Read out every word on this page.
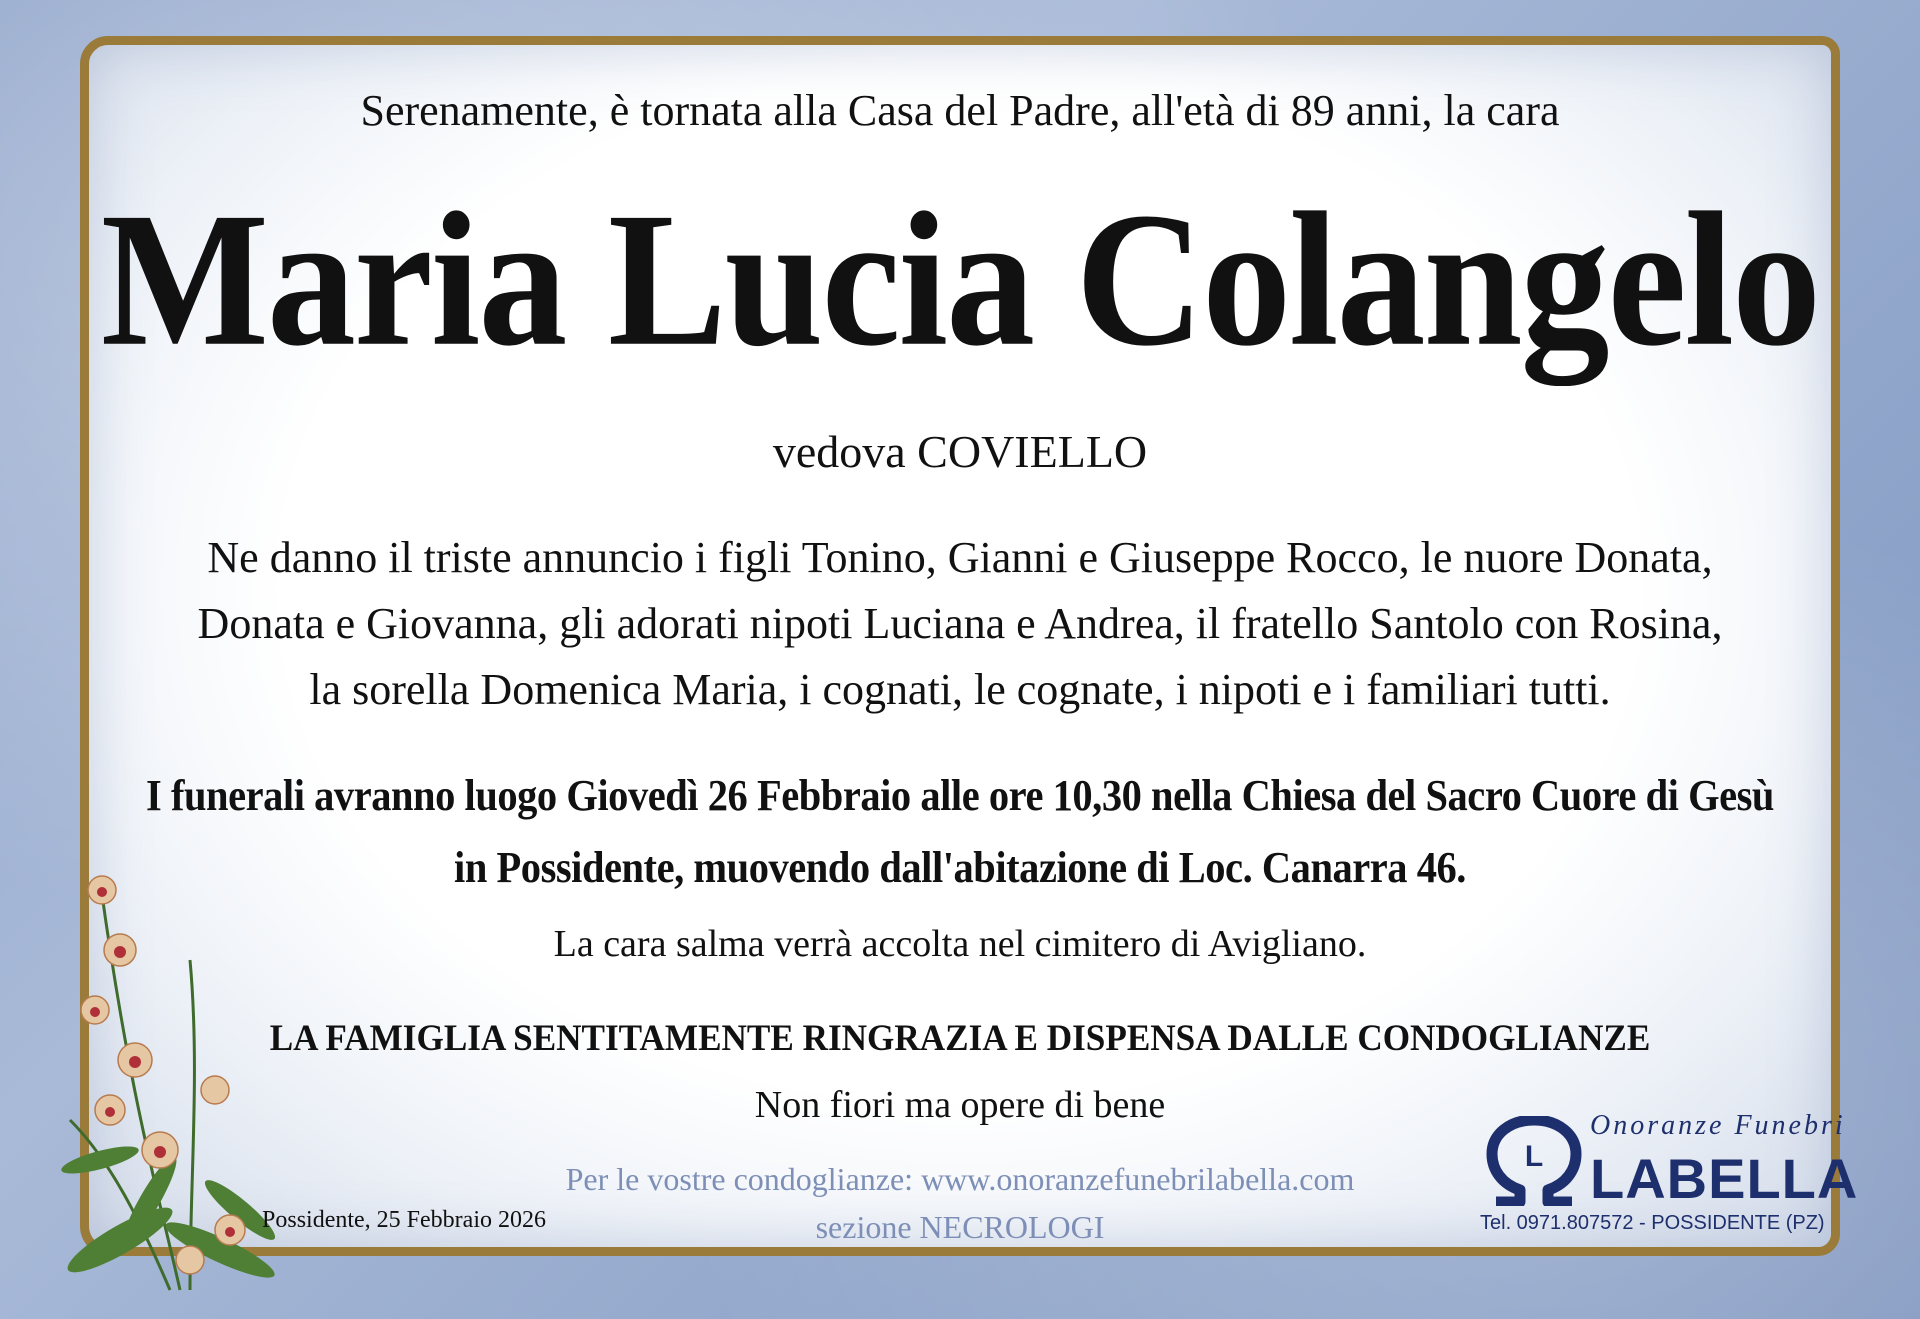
Serenamente, è tornata alla Casa del Padre, all'età di 89 anni, la cara
Maria Lucia Colangelo
vedova COVIELLO
Ne danno il triste annuncio i figli Tonino, Gianni e Giuseppe Rocco, le nuore Donata,
Donata e Giovanna, gli adorati nipoti Luciana e Andrea, il fratello Santolo con Rosina,
la sorella Domenica Maria, i cognati, le cognate, i nipoti e i familiari tutti.
I funerali avranno luogo Giovedì 26 Febbraio alle ore 10,30 nella Chiesa del Sacro Cuore di Gesù
in Possidente, muovendo dall'abitazione di Loc. Canarra 46.
La cara salma verrà accolta nel cimitero di Avigliano.
LA FAMIGLIA SENTITAMENTE RINGRAZIA E DISPENSA DALLE CONDOGLIANZE
Non fiori ma opere di bene
Per le vostre condoglianze: www.onoranzefunebrilabella.com
sezione NECROLOGI
Possidente, 25 Febbraio 2026
L
Onoranze Funebri
LABELLA
Tel. 0971.807572 - POSSIDENTE (PZ)
